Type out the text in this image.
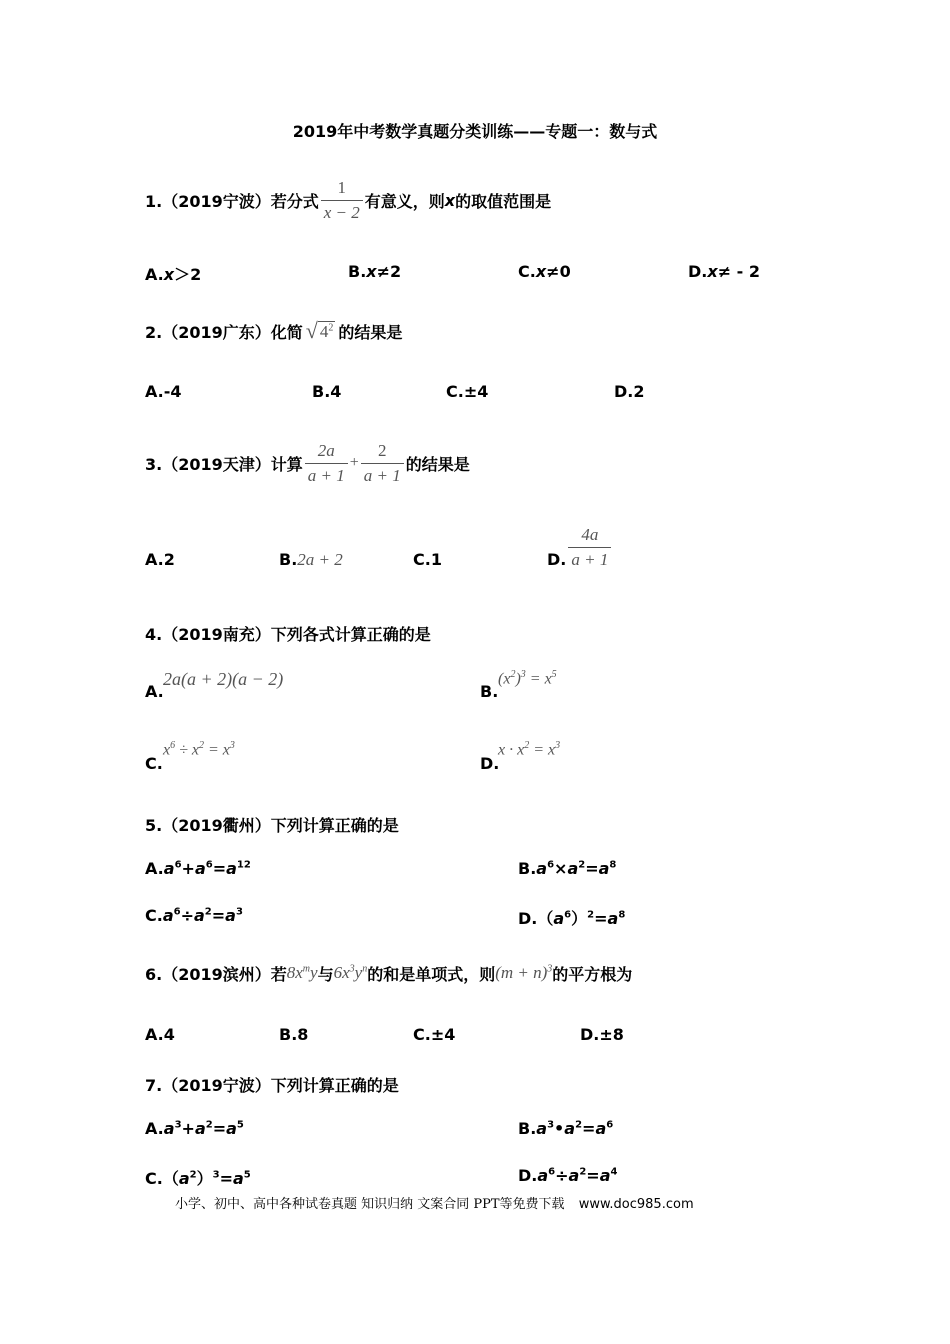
2019年中考数学真题分类训练——专题一：数与式
1.（2019宁波）若分式 $\frac{1}{x - 2}$ 有意义，则 x 的取值范围是
A.x＞2	B.x≠2	C.x≠0	D.x≠ - 2
2.（2019广东）化简 √ $4^2$ 的结果是
A.-4	B.4	C.±4	D.2
3.（2019天津）计算 $\frac{2a}{a + 1} + \frac{2}{a + 1}$ 的结果是
A.2	B.2a + 2	C.1	D. $\frac{4a}{a + 1}$
4.（2019南充）下列各式计算正确的是
A.
2a(a + 2)(a − 2)
B.
$(x^2)^3 = x^5$
C.
$x^6 \div x^2 = x^3$
D.
$x \cdot x^2 = x^3$
5.（2019衢州）下列计算正确的是
$A.a^6+a^6=a^{12}$	$B.a^6\times a^2=a^8$
$C.a^6\div a^2=a^3$	$D.(a^6)^2=a^8$
6.（2019滨州）若 $8x^my$ 与 $6x^3y^n$ 的和是单项式，则 $(m + n)^3$ 的平方根为
A.4	B.8	C.±4	D.±8
7.（2019宁波）下列计算正确的是
$A.a^3+a^2=a^5$	$B.a^3•a^2=a^6$
$C.(a^2)^3=a^5$	$D.a^6\div a^2=a^4$
小学、初中、高中各种试卷真题 知识归纳 文案合同 PPT等免费下载 www.doc985.com
